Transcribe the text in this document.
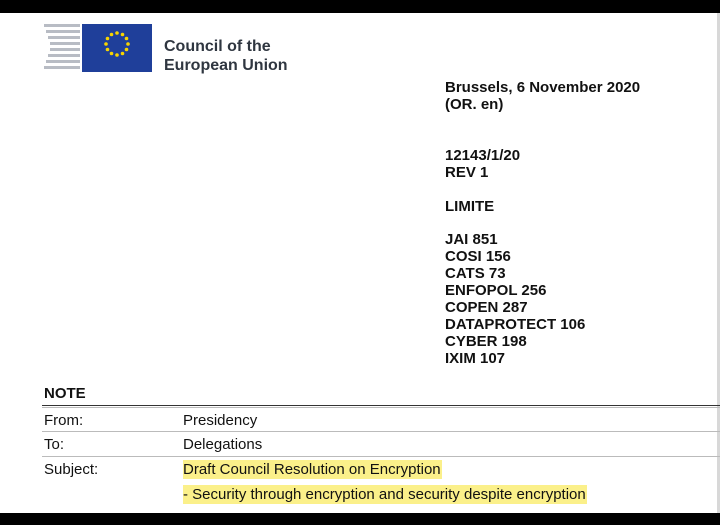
Council of the
European Union
Brussels, 6 November 2020
(OR. en)
12143/1/20
REV 1
LIMITE
JAI 851
COSI 156
CATS 73
ENFOPOL 256
COPEN 287
DATAPROTECT 106
CYBER 198
IXIM 107
NOTE
From:	Presidency
To:	Delegations
Subject:	Draft Council Resolution on Encryption
- Security through encryption and security despite encryption
